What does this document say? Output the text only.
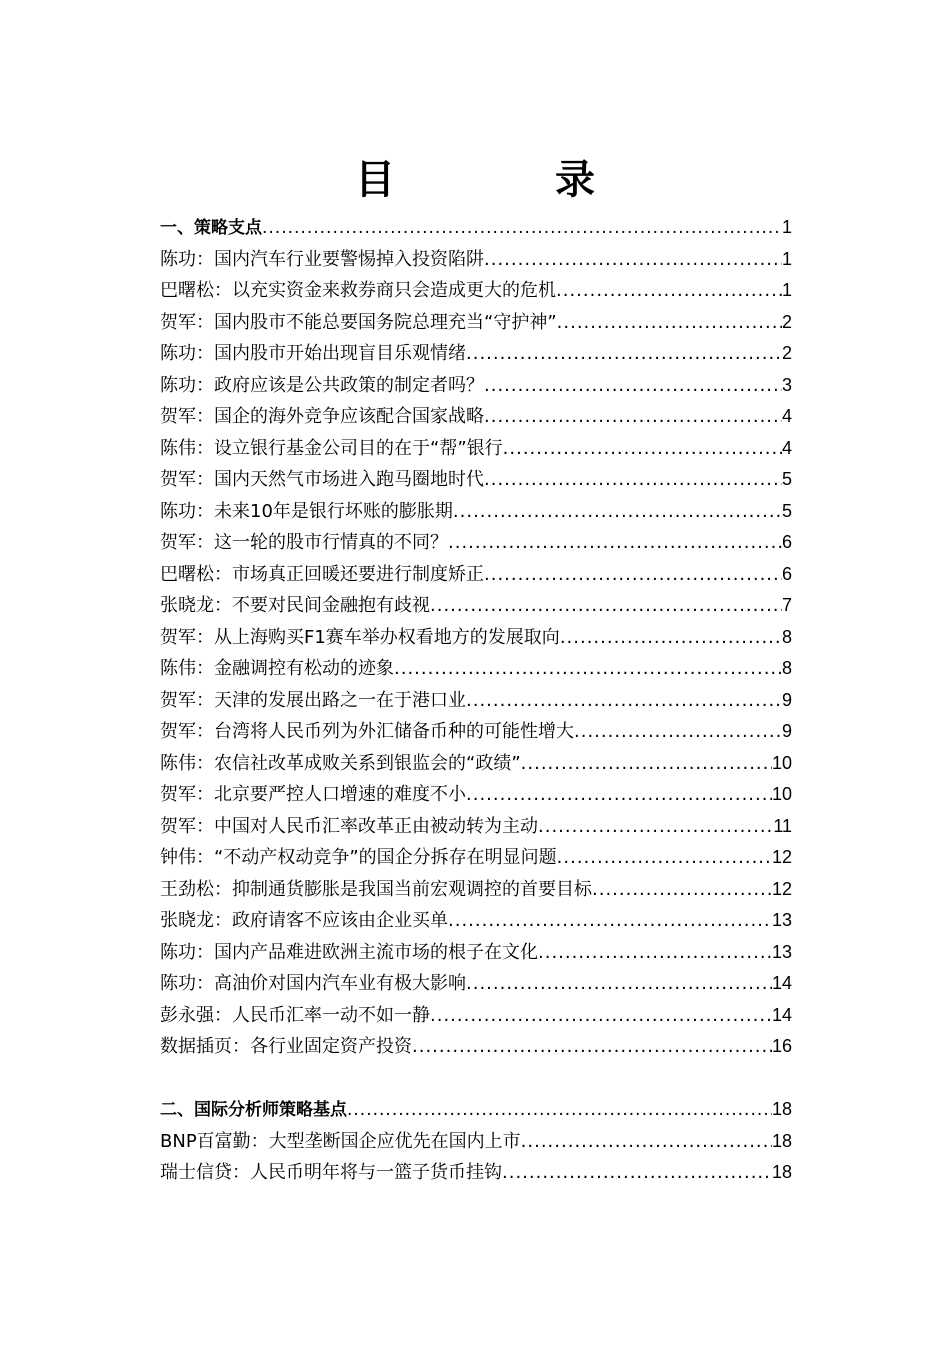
目　录
一、策略支点 .....	1
陈功：国内汽车行业要警惕掉入投资陷阱 .....	1
巴曙松：以充实资金来救券商只会造成更大的危机 .....	1
贺军：国内股市不能总要国务院总理充当“守护神” .....	2
陈功：国内股市开始出现盲目乐观情绪 .....	2
陈功：政府应该是公共政策的制定者吗？ .....	3
贺军：国企的海外竞争应该配合国家战略 .....	4
陈伟：设立银行基金公司目的在于“帮”银行 .....	4
贺军：国内天然气市场进入跑马圈地时代 .....	5
陈功：未来10年是银行坏账的膨胀期 .....	5
贺军：这一轮的股市行情真的不同？ .....	6
巴曙松：市场真正回暖还要进行制度矫正 .....	6
张晓龙：不要对民间金融抱有歧视 .....	7
贺军：从上海购买F1赛车举办权看地方的发展取向 .....	8
陈伟：金融调控有松动的迹象 .....	8
贺军：天津的发展出路之一在于港口业 .....	9
贺军：台湾将人民币列为外汇储备币种的可能性增大 .....	9
陈伟：农信社改革成败关系到银监会的“政绩” .....	10
贺军：北京要严控人口增速的难度不小 .....	10
贺军：中国对人民币汇率改革正由被动转为主动 .....	11
钟伟：“不动产权动竞争”的国企分拆存在明显问题 .....	12
王劲松：抑制通货膨胀是我国当前宏观调控的首要目标 .....	12
张晓龙：政府请客不应该由企业买单 .....	13
陈功：国内产品难进欧洲主流市场的根子在文化 .....	13
陈功：高油价对国内汽车业有极大影响 .....	14
彭永强：人民币汇率一动不如一静 .....	14
数据插页：各行业固定资产投资 .....	16
二、国际分析师策略基点 .....	18
BNP百富勤：大型垄断国企应优先在国内上市 .....	18
瑞士信贷：人民币明年将与一篮子货币挂钩 .....	18
